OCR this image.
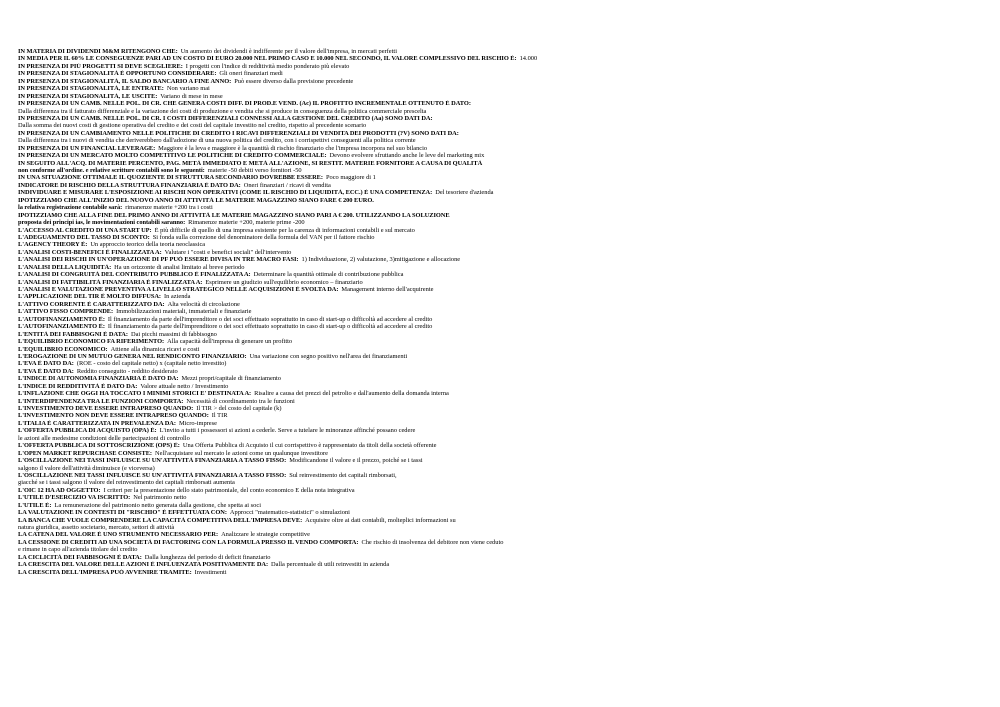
IN MATERIA DI DIVIDENDI M&M RITENGONO CHE: Un aumento dei dividendi è indifferente per il valore dell'impresa, in mercati perfetti
IN MEDIA PER IL 60% LE CONSEGUENZE PARI AD UN COSTO DI EURO 20.000 NEL PRIMO CASO E 10.000 NEL SECONDO, IL VALORE COMPLESSIVO DEL RISCHIO È: 14.000
IN PRESENZA DI PIÙ PROGETTI SI DEVE SCEGLIERE: I progetti con l'indice di redditività medio ponderato più elevato
IN PRESENZA DI STAGIONALITÀ È OPPORTUNO CONSIDERARE: Gli oneri finanziari medi
IN PRESENZA DI STAGIONALITÀ, IL SALDO BANCARIO A FINE ANNO: Può essere diverso dalla previsione precedente
IN PRESENZA DI STAGIONALITÀ, LE ENTRATE: Non variano mai
IN PRESENZA DI STAGIONALITÀ, LE USCITE: Variano di mese in mese
IN PRESENZA DI UN CAMB. NELLE POL. DI CR. CHE GENERA COSTI DIFF. DI PROD.E VEND. (Ac) IL PROFITTO INCREMENTALE OTTENUTO È DATO:
Dalla differenza tra il fatturato differenziale e la variazione dei costi di produzione e vendita che si produce in conseguenza della politica commerciale prescelta
IN PRESENZA DI UN CAMB. NELLE POL. DI CR. I COSTI DIFFERENZIALI CONNESSI ALLA GESTIONE DEL CREDITO (Aa) SONO DATI DA:
Dalla somma dei nuovi costi di gestione operativa del credito e dei costi del capitale investito nel credito, rispetto al precedente scenario
IN PRESENZA DI UN CAMBIAMENTO NELLE POLITICHE DI CREDITO I RICAVI DIFFERENZIALI DI VENDITA DEI PRODOTTI (?V) SONO DATI DA:
Dalla differenza tra i nuovi di vendita che deriverebbero dall'adozione di una nuova politica del credito, con i corrispettivi conseguenti alla politica corrente
IN PRESENZA DI UN FINANCIAL LEVERAGE: Maggiore è la leva e maggiore è la quantità di rischio finanziario che l'impresa incorpora nel suo bilancio
IN PRESENZA DI UN MERCATO MOLTO COMPETITIVO LE POLITICHE DI CREDITO COMMERCIALE: Devono evolvere sfruttando anche le leve del marketing mix
IN SEGUITO ALL'ACQ. DI MATERIE PERCENTO, PAG. METÀ IMMEDIATO E METÀ ALL'AZIONE, SI RESTIT. MATERIE FORNITORE A CAUSA DI QUALITÀ
non conforme all'ordine. e relative scritture contabili sono le seguenti: materie -50 debiti verso fornitori -50
IN UNA SITUAZIONE OTTIMALE IL QUOZIENTE DI STRUTTURA SECONDARIO DOVREBBE ESSERE: Poco maggiore di 1
INDICATORE DI RISCHIO DELLA STRUTTURA FINANZIARIA È DATO DA: Oneri finanziari / ricavi di vendita
INDIVIDUARE E MISURARE L'ESPOSIZIONE AI RISCHI NON OPERATIVI (COME IL RISCHIO DI LIQUIDITÀ, ECC.) È UNA COMPETENZA: Del tesoriere d'azienda
IPOTIZZIAMO CHE ALL'INIZIO DEL NUOVO ANNO DI ATTIVITÀ LE MATERIE MAGAZZINO SIANO FARE € 200 EURO.
la relativa registrazione contabile sarà: rimanenze materie +200 tra i costi
IPOTIZZIAMO CHE ALLA FINE DEL PRIMO ANNO DI ATTIVITÀ LE MATERIE MAGAZZINO SIANO PARI A € 200. UTILIZZANDO LA SOLUZIONE
proposta dei principi ias, le movimentazioni contabili saranno: Rimanenze materie +200, materie prime -200
L'ACCESSO AL CREDITO DI UNA START UP: È più difficile di quello di una impresa esistente per la carenza di informazioni contabili e sul mercato
L'ADEGUAMENTO DEL TASSO DI SCONTO: Si fonda sulla correzione del denominatore della formula del VAN per il fattore rischio
L'AGENCY THEORY È: Un approccio teorico della teoria neoclassica
L'ANALISI COSTI-BENEFICI È FINALIZZATA A: Valutare i "costi e benefici sociali" dell'intervento
L'ANALISI DEI RISCHI IN UN'OPERAZIONE DI PF PUÒ ESSERE DIVISA IN TRE MACRO FASI: 1) Individuazione, 2) valutazione, 3)mitigazione e allocazione
L'ANALISI DELLA LIQUIDITÀ: Ha un orizzonte di analisi limitato al breve periodo
L'ANALISI DI CONGRUITÀ DEL CONTRIBUTO PUBBLICO È FINALIZZATA A: Determinare la quantità ottimale di contribuzione pubblica
L'ANALISI DI FATTIBILITÀ FINANZIARIA È FINALIZZATA A: Esprimere un giudizio sull'equilibrio economico – finanziario
L'ANALISI E VALUTAZIONE PREVENTIVA A LIVELLO STRATEGICO NELLE ACQUISIZIONI È SVOLTA DA: Management interno dell'acquirente
L'APPLICAZIONE DEL TIR È MOLTO DIFFUSA: In azienda
L'ATTIVO CORRENTE È CARATTERIZZATO DA: Alta velocità di circolazione
L'ATTIVO FISSO COMPRENDE: Immobilizzazioni materiali, immateriali e finanziarie
L'AUTOFINANZIAMENTO È: Il finanziamento da parte dell'imprenditore o dei soci effettuato soprattutto in caso di start-up o difficoltà ad accedere al credito
L'AUTOFINANZIAMENTO È: Il finanziamento da parte dell'imprenditore o dei soci effettuato soprattutto in caso di start-up o difficoltà ad accedere al credito
L'ENTITÀ DEI FABBISOGNI È DATA: Dai picchi massimi di fabbisogno
L'EQUILIBRIO ECONOMICO FA RIFERIMENTO: Alla capacità dell'impresa di generare un profitto
L'EQUILIBRIO ECONOMICO: Attiene alla dinamica ricavi e costi
L'EROGAZIONE DI UN MUTUO GENERA NEL RENDICONTO FINANZIARIO: Una variazione con segno positivo nell'area dei finanziamenti
L'EVA È DATO DA: (ROE - costo del capitale netto) x (capitale netto investito)
L'EVA È DATO DA: Reddito conseguito - reddito desiderato
L'INDICE DI AUTONOMIA FINANZIARIA È DATO DA: Mezzi propri/capitale di finanziamento
L'INDICE DI REDDITIVITÀ È DATO DA: Valore attuale netto / Investimento
L'INFLAZIONE CHE OGGI HA TOCCATO I MINIMI STORICI E' DESTINATA A: Risalire a causa dei prezzi del petrolio e dall'aumento della domanda interna
L'INTERDIPENDENZA TRA LE FUNZIONI COMPORTA: Necessità di coordinamento tra le funzioni
L'INVESTIMENTO DEVE ESSERE INTRAPRESO QUANDO: Il TIR > del costo del capitale (k)
L'INVESTIMENTO NON DEVE ESSERE INTRAPRESO QUANDO: Il TIR
L'ITALIA È CARATTERIZZATA IN PREVALENZA DA: Micro-imprese
L'OFFERTA PUBBLICA DI ACQUISTO (OPA) È: L'invito a tutti i possessori si azioni a cederle. Serve a tutelare le minoranze affinché possano cedere
le azioni alle medesime condizioni delle partecipazioni di controllo
L'OFFERTA PUBBLICA DI SOTTOSCRIZIONE (OPS) È: Una Offerta Pubblica di Acquisto il cui corrispettivo è rappresentato da titoli della società offerente
L'OPEN MARKET REPURCHASE CONSISTE: Nell'acquistare sul mercato le azioni come un qualunque investitore
L'OSCILLAZIONE NEI TASSI INFLUISCE SU UN'ATTIVITÀ FINANZIARIA A TASSO FISSO: Modificandone il valore e il prezzo, poiché se i tassi
salgono il valore dell'attività diminuisce (e viceversa)
L'OSCILLAZIONE NEI TASSI INFLUISCE SU UN'ATTIVITÀ FINANZIARIA A TASSO FISSO: Sul reinvestimento dei capitali rimborsati,
giacché se i tassi salgono il valore del reinvestimento dei capitali rimborsati aumenta
L'OIC 12 HA AD OGGETTO: I criteri per la presentazione dello stato patrimoniale, del conto economico E della nota integrativa
L'UTILE D'ESERCIZIO VA ISCRITTO: Nel patrimonio netto
L'UTILE È: La remunerazione del patrimonio netto generata dalla gestione, che spetta ai soci
LA VALUTAZIONE IN CONTESTI DI "RISCHIO" È EFFETTUATA CON: Approcci "matematico-statistici" o simulazioni
LA BANCA CHE VUOLE COMPRENDERE LA CAPACITÀ COMPETITIVA DELL'IMPRESA DEVE: Acquisire oltre ai dati contabili, molteplici informazioni su
natura giuridica, assetto societario, mercato, settori di attività
LA CATENA DEL VALORE È UNO STRUMENTO NECESSARIO PER: Analizzare le strategie competitive
LA CESSIONE DI CREDITI AD UNA SOCIETÀ DI FACTORING CON LA FORMULA PRESSO IL VENDO COMPORTA: Che rischio di insolvenza del debitore non viene ceduto
e rimane in capo all'azienda titolare del credito
LA CICLICITÀ DEI FABBISOGNI È DATA: Dalla lunghezza del periodo di deficit finanziario
LA CRESCITA DEL VALORE DELLE AZIONI È INFLUENZATA POSITIVAMENTE DA: Dalla percentuale di utili reinvestiti in azienda
LA CRESCITA DELL'IMPRESA PUÒ AVVENIRE TRAMITE: Investimenti
